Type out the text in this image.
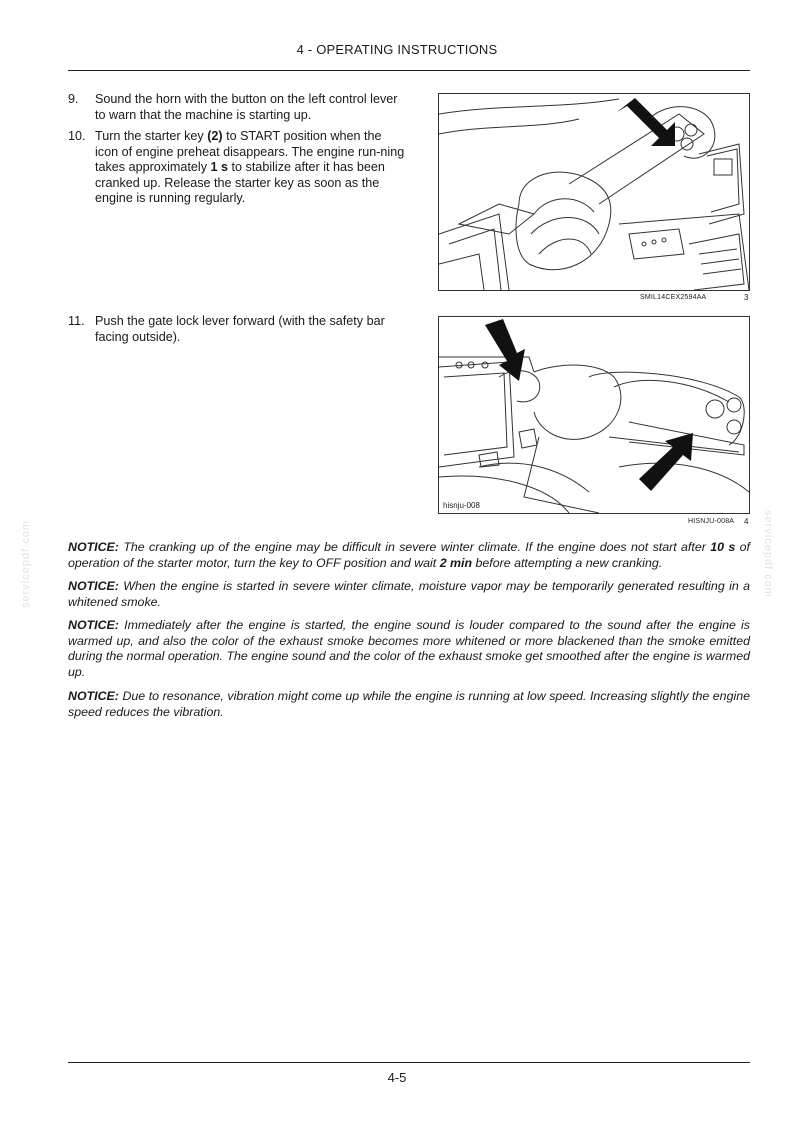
4 - OPERATING INSTRUCTIONS
9.	Sound the horn with the button on the left control lever to warn that the machine is starting up.
10. Turn the starter key (2) to START position when the icon of engine preheat disappears. The engine run-ning takes approximately 1 s to stabilize after it has been cranked up. Release the starter key as soon as the engine is running regularly.
11. Push the gate lock lever forward (with the safety bar facing outside).
SMIL14CEX2594AA	3
hisnju-008
HISNJU-008A 4
NOTICE: The cranking up of the engine may be difficult in severe winter climate. If the engine does not start after 10 s of operation of the starter motor, turn the key to OFF position and wait 2 min before attempting a new cranking.
NOTICE: When the engine is started in severe winter climate, moisture vapor may be temporarily generated resulting in a whitened smoke.
NOTICE: Immediately after the engine is started, the engine sound is louder compared to the sound after the engine is warmed up, and also the color of the exhaust smoke becomes more whitened or more blackened than the smoke emitted during the normal operation. The engine sound and the color of the exhaust smoke get smoothed after the engine is warmed up.
NOTICE: Due to resonance, vibration might come up while the engine is running at low speed. Increasing slightly the engine speed reduces the vibration.
servicepdf.com	servicepdf.com
4-5
